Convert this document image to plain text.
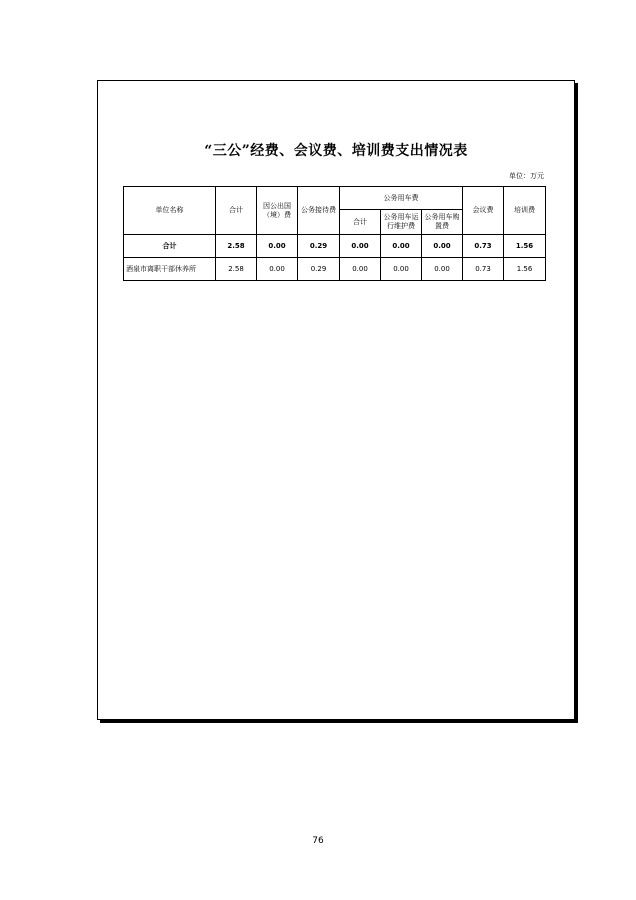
“三公”经费、会议费、培训费支出情况表
单位：万元
单位名称	合计	因公出国（境）费	公务接待费	公务用车费			会议费	培训费
				合计	公务用车运行维护费	公务用车购置费		
合计	2.58	0.00	0.29	0.00	0.00	0.00	0.73	1.56
酒泉市离职干部休养所	2.58	0.00	0.29	0.00	0.00	0.00	0.73	1.56
76
